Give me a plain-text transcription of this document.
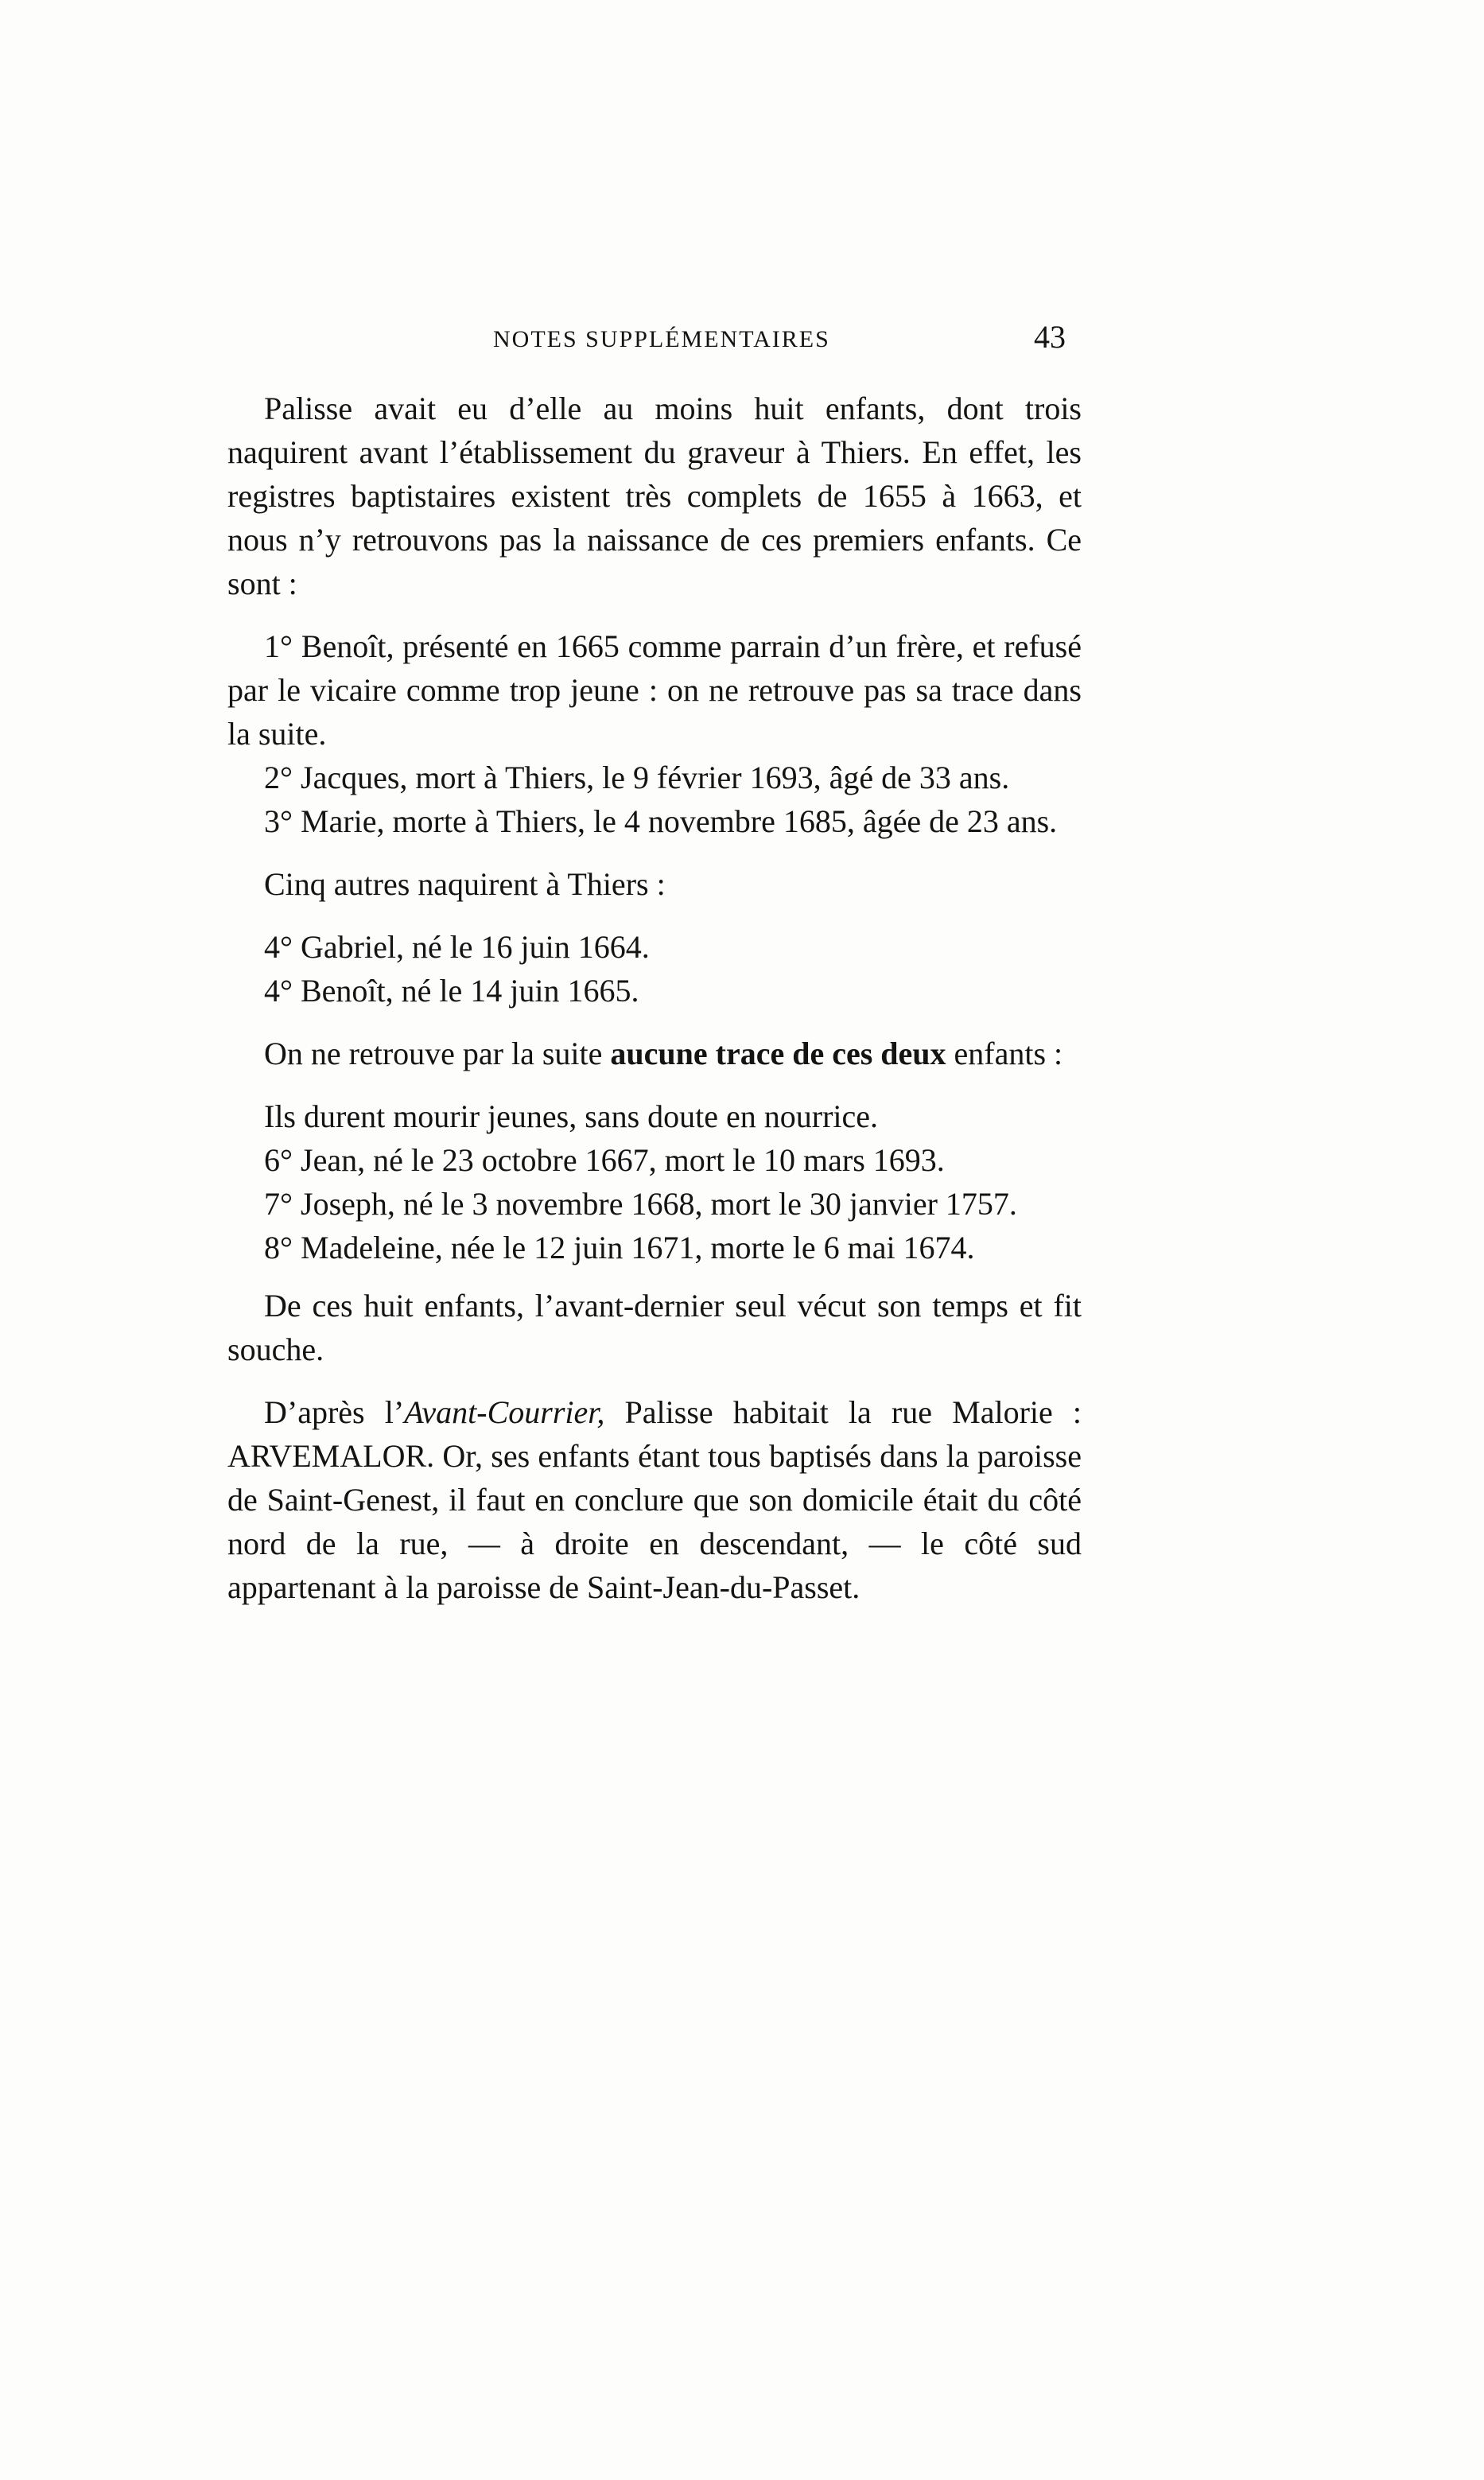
NOTES SUPPLÉMENTAIRES	43

Palisse avait eu d’elle au moins huit enfants, dont trois naquirent avant l’établissement du graveur à Thiers. En effet, les registres baptistaires existent très complets de 1655 à 1663, et nous n’y retrouvons pas la naissance de ces premiers enfants. Ce sont :

1° Benoît, présenté en 1665 comme parrain d’un frère, et refusé par le vicaire comme trop jeune : on ne retrouve pas sa trace dans la suite.

2° Jacques, mort à Thiers, le 9 février 1693, âgé de 33 ans.

3° Marie, morte à Thiers, le 4 novembre 1685, âgée de 23 ans.

Cinq autres naquirent à Thiers :

4° Gabriel, né le 16 juin 1664.

4° Benoît, né le 14 juin 1665.

On ne retrouve par la suite aucune trace de ces deux enfants :

Ils durent mourir jeunes, sans doute en nourrice.

6° Jean, né le 23 octobre 1667, mort le 10 mars 1693.

7° Joseph, né le 3 novembre 1668, mort le 30 janvier 1757.

8° Madeleine, née le 12 juin 1671, morte le 6 mai 1674.

De ces huit enfants, l’avant-dernier seul vécut son temps et fit souche.

D’après l’Avant-Courrier, Palisse habitait la rue Malorie : ARVEMALOR. Or, ses enfants étant tous baptisés dans la paroisse de Saint-Genest, il faut en conclure que son domicile était du côté nord de la rue, — à droite en descendant, — le côté sud appartenant à la paroisse de Saint-Jean-du-Passet.
